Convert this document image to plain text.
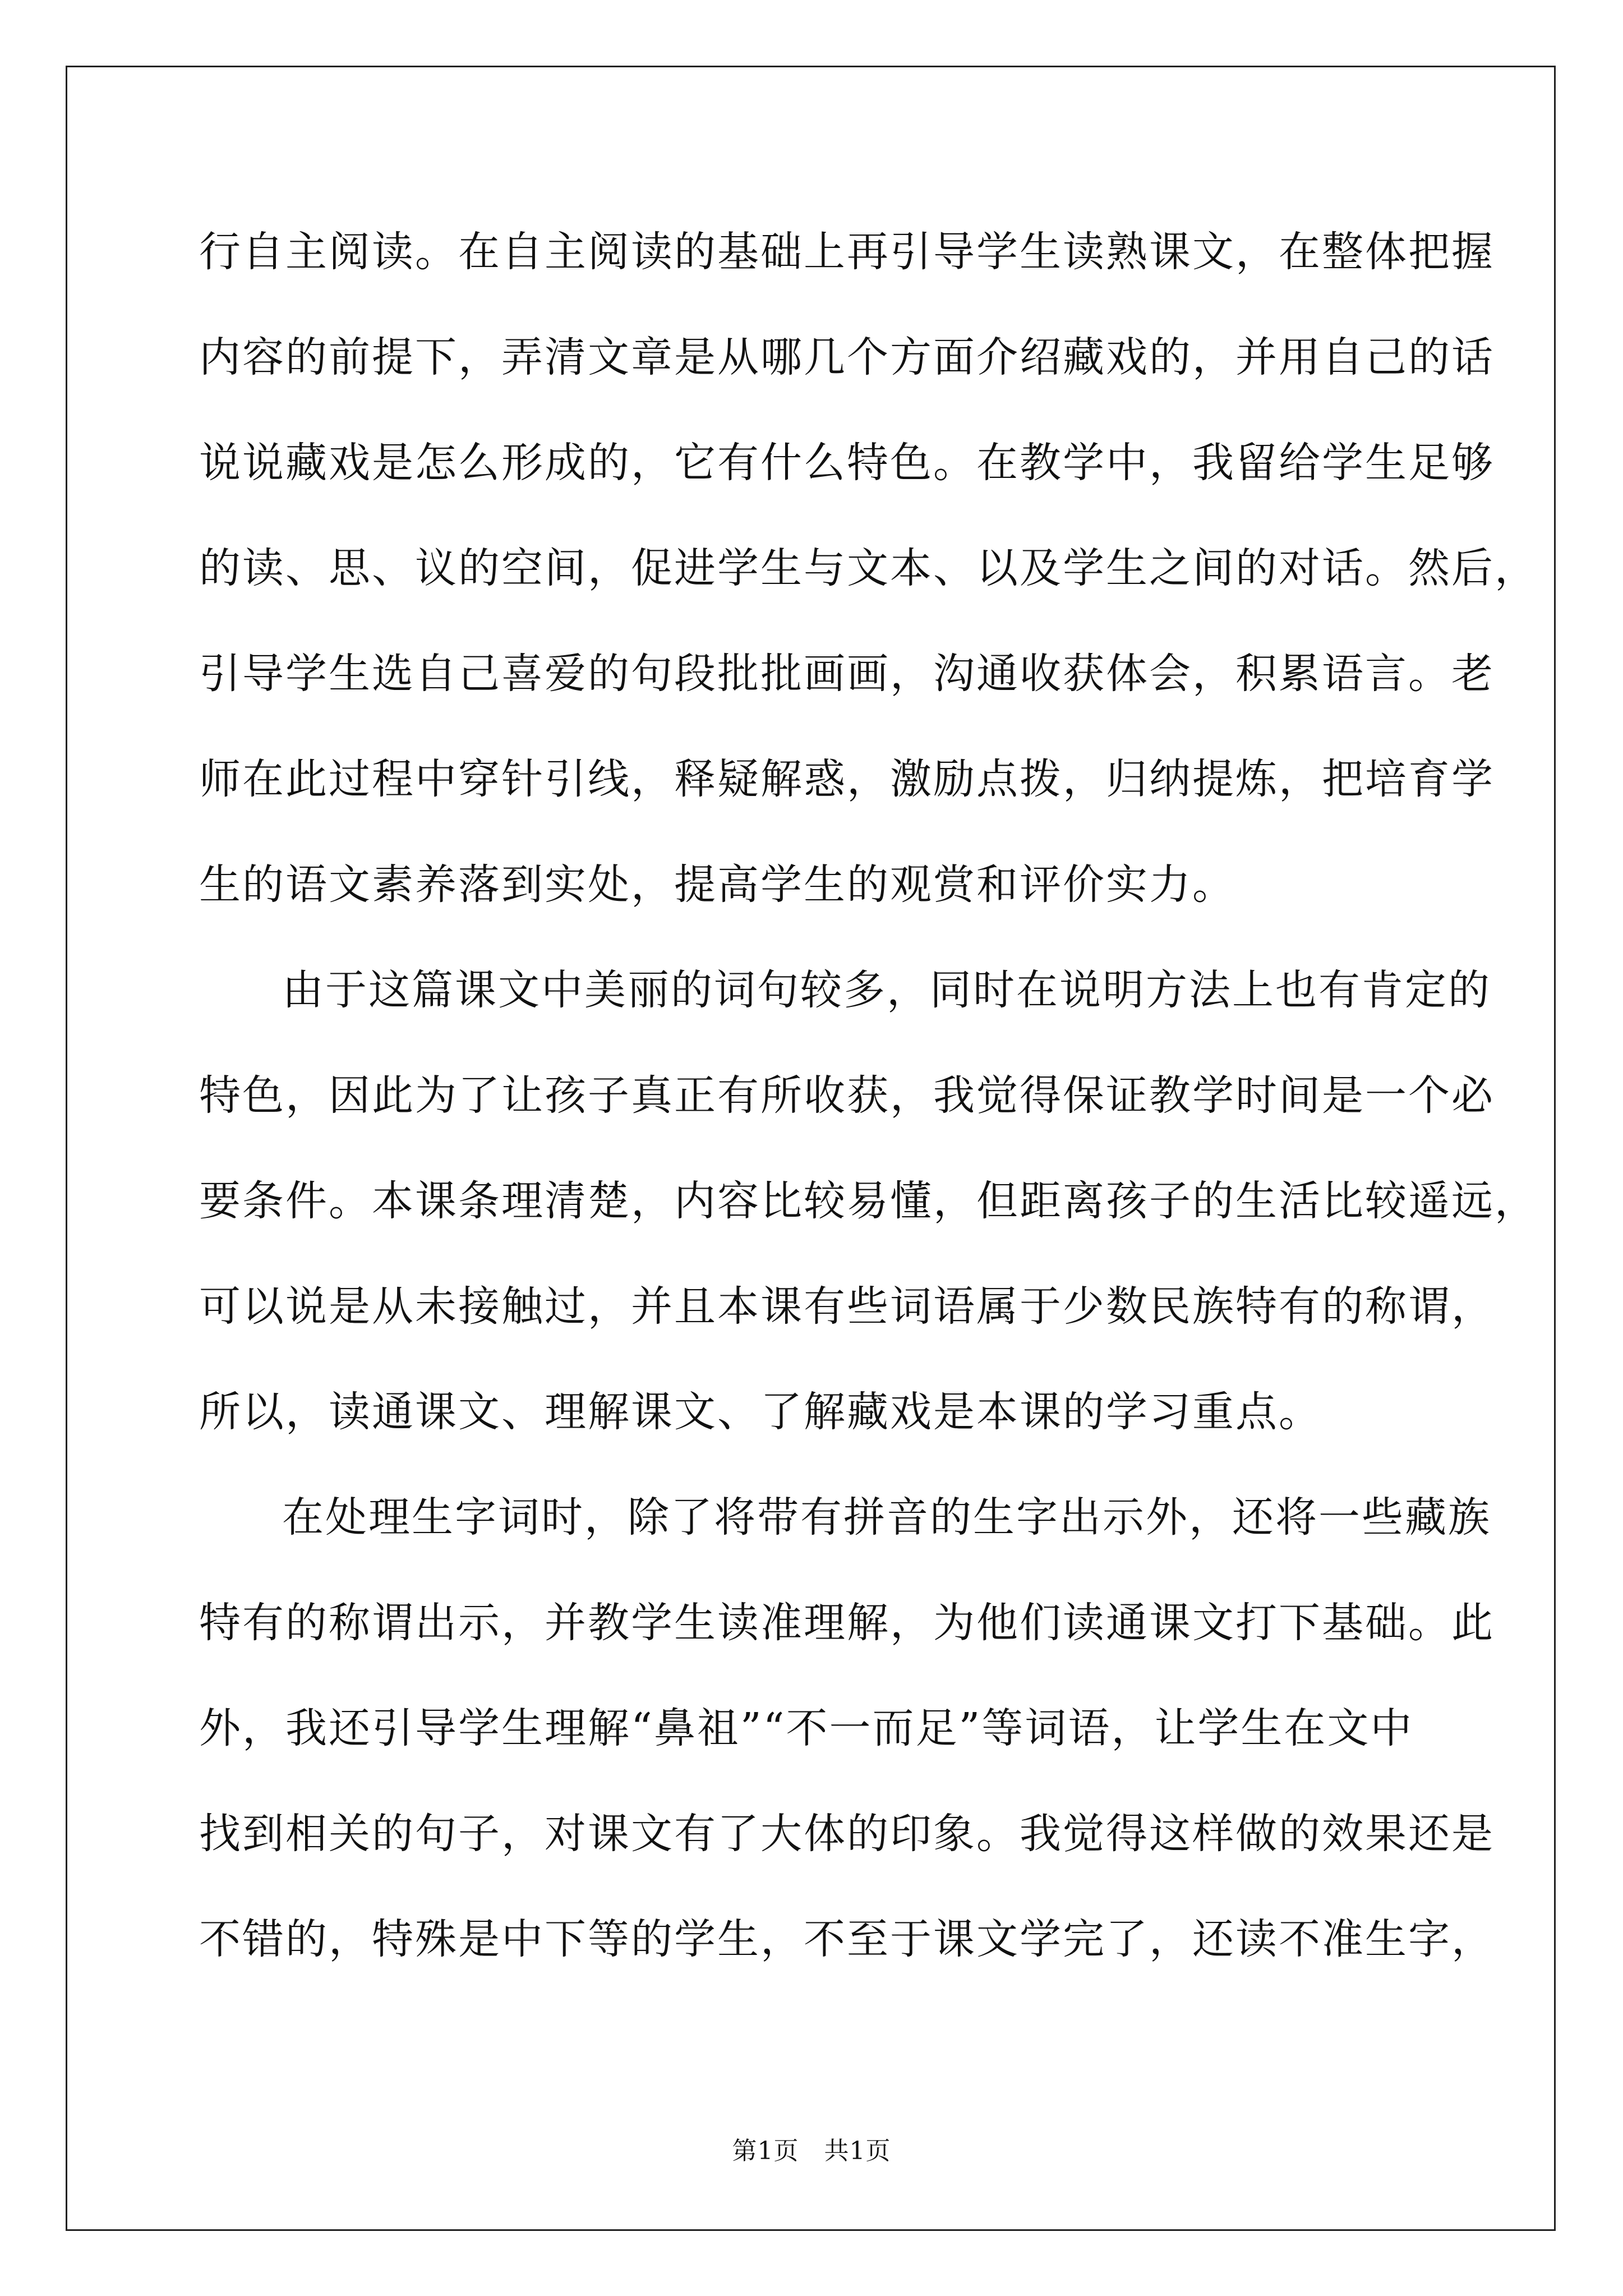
行自主阅读。在自主阅读的基础上再引导学生读熟课文，在整体把握
内容的前提下，弄清文章是从哪几个方面介绍藏戏的，并用自己的话
说说藏戏是怎么形成的，它有什么特色。在教学中，我留给学生足够
的读、思、议的空间，促进学生与文本、以及学生之间的对话。然后，
引导学生选自己喜爱的句段批批画画，沟通收获体会，积累语言。老
师在此过程中穿针引线，释疑解惑，激励点拨，归纳提炼，把培育学
生的语文素养落到实处，提高学生的观赏和评价实力。
由于这篇课文中美丽的词句较多，同时在说明方法上也有肯定的
特色，因此为了让孩子真正有所收获，我觉得保证教学时间是一个必
要条件。本课条理清楚，内容比较易懂，但距离孩子的生活比较遥远，
可以说是从未接触过，并且本课有些词语属于少数民族特有的称谓，
所以，读通课文、理解课文、了解藏戏是本课的学习重点。
在处理生字词时，除了将带有拼音的生字出示外，还将一些藏族
特有的称谓出示，并教学生读准理解，为他们读通课文打下基础。此
外，我还引导学生理解“鼻祖”“不一而足”等词语，让学生在文中
找到相关的句子，对课文有了大体的印象。我觉得这样做的效果还是
不错的，特殊是中下等的学生，不至于课文学完了，还读不准生字，
第1页　共1页
